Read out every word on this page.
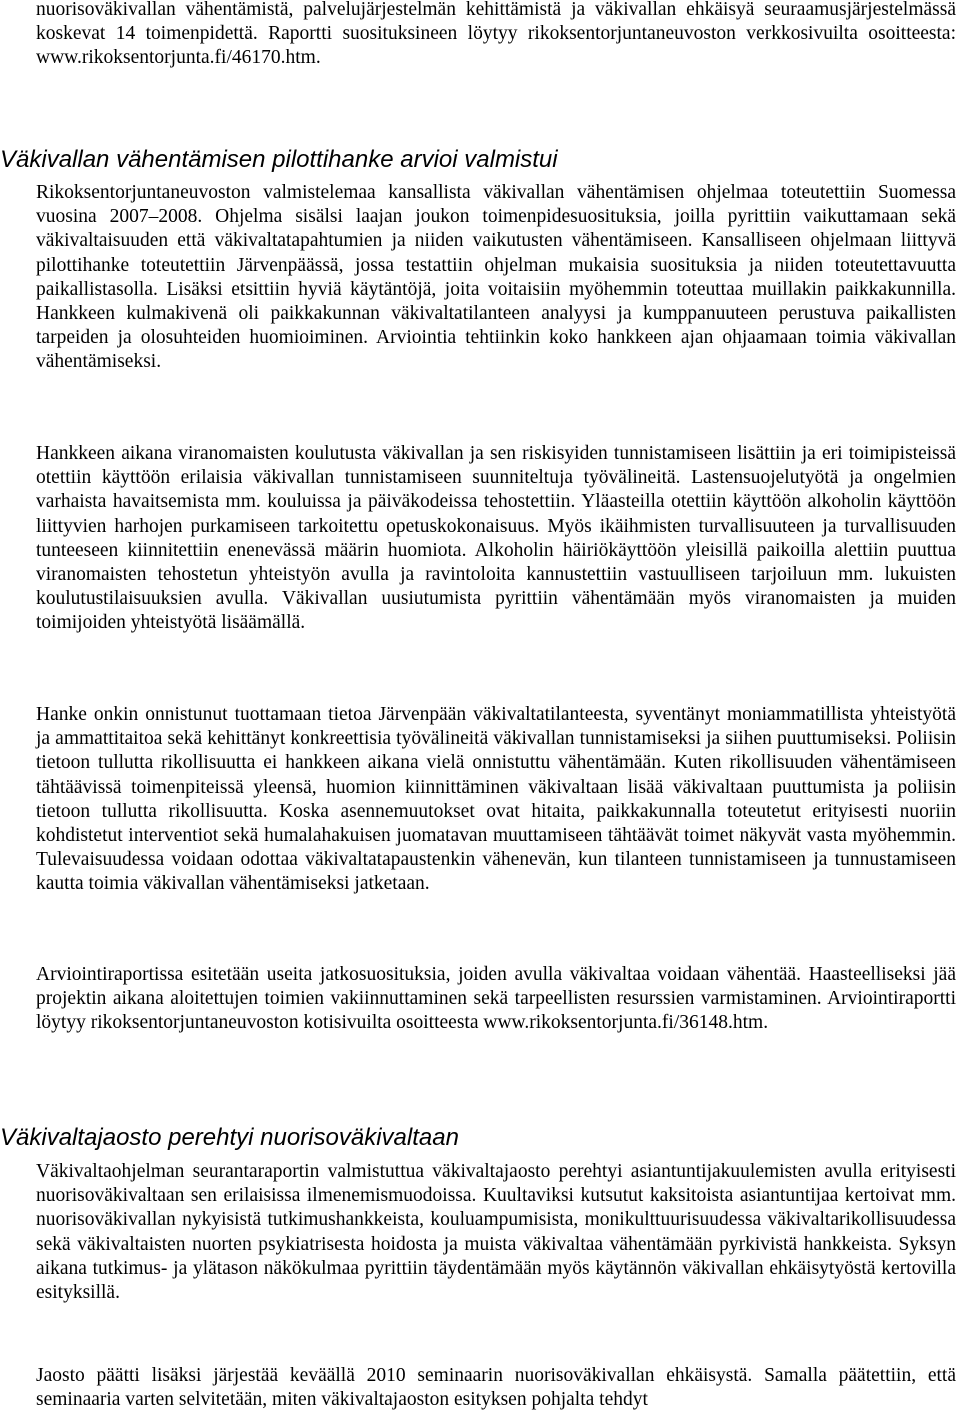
nuorisoväkivallan vähentämistä, palvelujärjestelmän kehittämistä ja väkivallan ehkäisyä seuraamusjärjestelmässä koskevat 14 toimenpidettä. Raportti suosituksineen löytyy rikoksentorjuntaneuvoston verkkosivuilta osoitteesta: www.rikoksentorjunta.fi/46170.htm.

Väkivallan vähentämisen pilottihanke arvioi valmistui

Rikoksentorjuntaneuvoston valmistelemaa kansallista väkivallan vähentämisen ohjelmaa toteutettiin Suomessa vuosina 2007–2008. Ohjelma sisälsi laajan joukon toimenpidesuosituksia, joilla pyrittiin vaikuttamaan sekä väkivaltaisuuden että väkivaltatapahtumien ja niiden vaikutusten vähentämiseen. Kansalliseen ohjelmaan liittyvä pilottihanke toteutettiin Järvenpäässä, jossa testattiin ohjelman mukaisia suosituksia ja niiden toteutettavuutta paikallistasolla. Lisäksi etsittiin hyviä käytäntöjä, joita voitaisiin myöhemmin toteuttaa muillakin paikkakunnilla. Hankkeen kulmakivenä oli paikkakunnan väkivaltatilanteen analyysi ja kumppanuuteen perustuva paikallisten tarpeiden ja olosuhteiden huomioiminen. Arviointia tehtiinkin koko hankkeen ajan ohjaamaan toimia väkivallan vähentämiseksi.

Hankkeen aikana viranomaisten koulutusta väkivallan ja sen riskisyiden tunnistamiseen lisättiin ja eri toimipisteissä otettiin käyttöön erilaisia väkivallan tunnistamiseen suunniteltuja työvälineitä. Lastensuojelutyötä ja ongelmien varhaista havaitsemista mm. kouluissa ja päiväkodeissa tehostettiin. Yläasteilla otettiin käyttöön alkoholin käyttöön liittyvien harhojen purkamiseen tarkoitettu opetuskokonaisuus. Myös ikäihmisten turvallisuuteen ja turvallisuuden tunteeseen kiinnitettiin enenevässä määrin huomiota. Alkoholin häiriökäyttöön yleisillä paikoilla alettiin puuttua viranomaisten tehostetun yhteistyön avulla ja ravintoloita kannustettiin vastuulliseen tarjoiluun mm. lukuisten koulutustilaisuuksien avulla. Väkivallan uusiutumista pyrittiin vähentämään myös viranomaisten ja muiden toimijoiden yhteistyötä lisäämällä.

Hanke onkin onnistunut tuottamaan tietoa Järvenpään väkivaltatilanteesta, syventänyt moniammatillista yhteistyötä ja ammattitaitoa sekä kehittänyt konkreettisia työvälineitä väkivallan tunnistamiseksi ja siihen puuttumiseksi. Poliisin tietoon tullutta rikollisuutta ei hankkeen aikana vielä onnistuttu vähentämään. Kuten rikollisuuden vähentämiseen tähtäävissä toimenpiteissä yleensä, huomion kiinnittäminen väkivaltaan lisää väkivaltaan puuttumista ja poliisin tietoon tullutta rikollisuutta. Koska asennemuutokset ovat hitaita, paikkakunnalla toteutetut erityisesti nuoriin kohdistetut interventiot sekä humalahakuisen juomatavan muuttamiseen tähtäävät toimet näkyvät vasta myöhemmin. Tulevaisuudessa voidaan odottaa väkivaltatapaustenkin vähenevän, kun tilanteen tunnistamiseen ja tunnustamiseen kautta toimia väkivallan vähentämiseksi jatketaan.

Arviointiraportissa esitetään useita jatkosuosituksia, joiden avulla väkivaltaa voidaan vähentää. Haasteelliseksi jää projektin aikana aloitettujen toimien vakiinnuttaminen sekä tarpeellisten resurssien varmistaminen. Arviointiraportti löytyy rikoksentorjuntaneuvoston kotisivuilta osoitteesta www.rikoksentorjunta.fi/36148.htm.

Väkivaltajaosto perehtyi nuorisoväkivaltaan

Väkivaltaohjelman seurantaraportin valmistuttua väkivaltajaosto perehtyi asiantuntijakuulemisten avulla erityisesti nuorisoväkivaltaan sen erilaisissa ilmenemismuodoissa. Kuultaviksi kutsutut kaksitoista asiantuntijaa kertoivat mm. nuorisoväkivallan nykyisistä tutkimushankkeista, kouluampumisista, monikulttuurisuudessa väkivaltarikollisuudessa sekä väkivaltaisten nuorten psykiatrisesta hoidosta ja muista väkivaltaa vähentämään pyrkivistä hankkeista. Syksyn aikana tutkimus- ja ylätason näkökulmaa pyrittiin täydentämään myös käytännön väkivallan ehkäisytyöstä kertovilla esityksillä.

Jaosto päätti lisäksi järjestää keväällä 2010 seminaarin nuorisoväkivallan ehkäisystä. Samalla päätettiin, että seminaaria varten selvitetään, miten väkivaltajaoston esityksen pohjalta tehdyt
